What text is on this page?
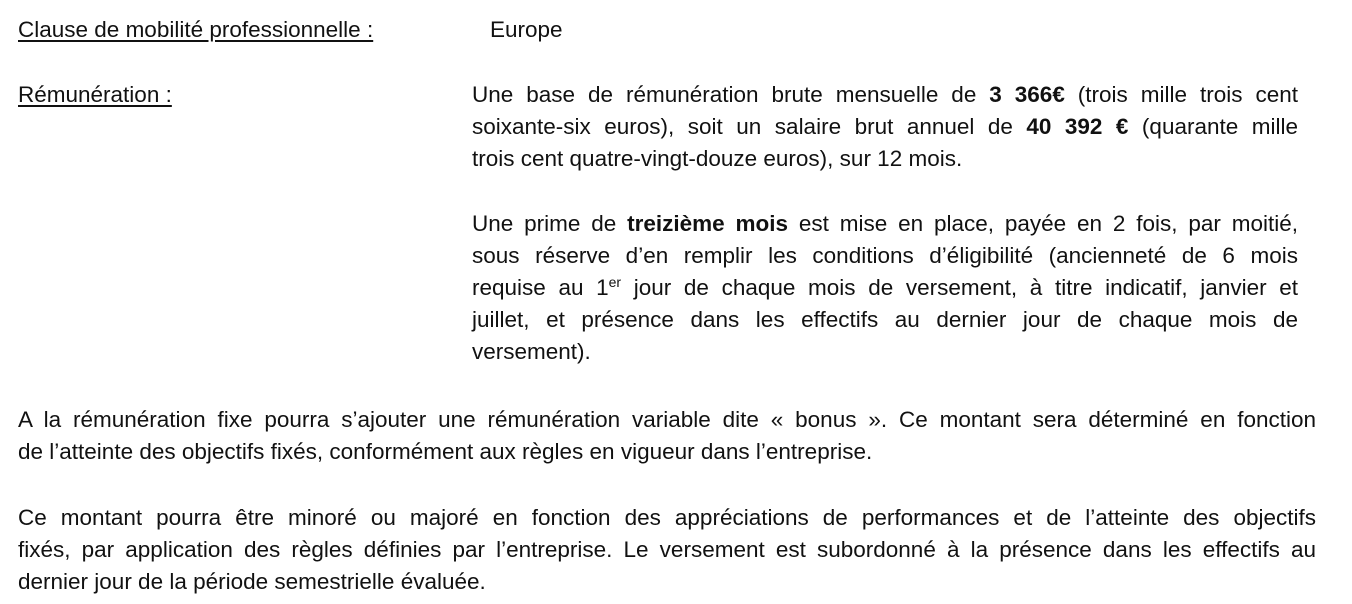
Clause de mobilité professionnelle :	Europe
Rémunération :	Une base de rémunération brute mensuelle de 3 366€ (trois mille trois cent
soixante-six euros), soit un salaire brut annuel de 40 392 € (quarante mille
trois cent quatre-vingt-douze euros), sur 12 mois.
Une prime de treizième mois est mise en place, payée en 2 fois, par moitié,
sous réserve d’en remplir les conditions d’éligibilité (ancienneté de 6 mois
requise au 1er jour de chaque mois de versement, à titre indicatif, janvier et
juillet, et présence dans les effectifs au dernier jour de chaque mois de
versement).
A la rémunération fixe pourra s’ajouter une rémunération variable dite « bonus ». Ce montant sera déterminé en fonction
de l’atteinte des objectifs fixés, conformément aux règles en vigueur dans l’entreprise.
Ce montant pourra être minoré ou majoré en fonction des appréciations de performances et de l’atteinte des objectifs
fixés, par application des règles définies par l’entreprise. Le versement est subordonné à la présence dans les effectifs au
dernier jour de la période semestrielle évaluée.
